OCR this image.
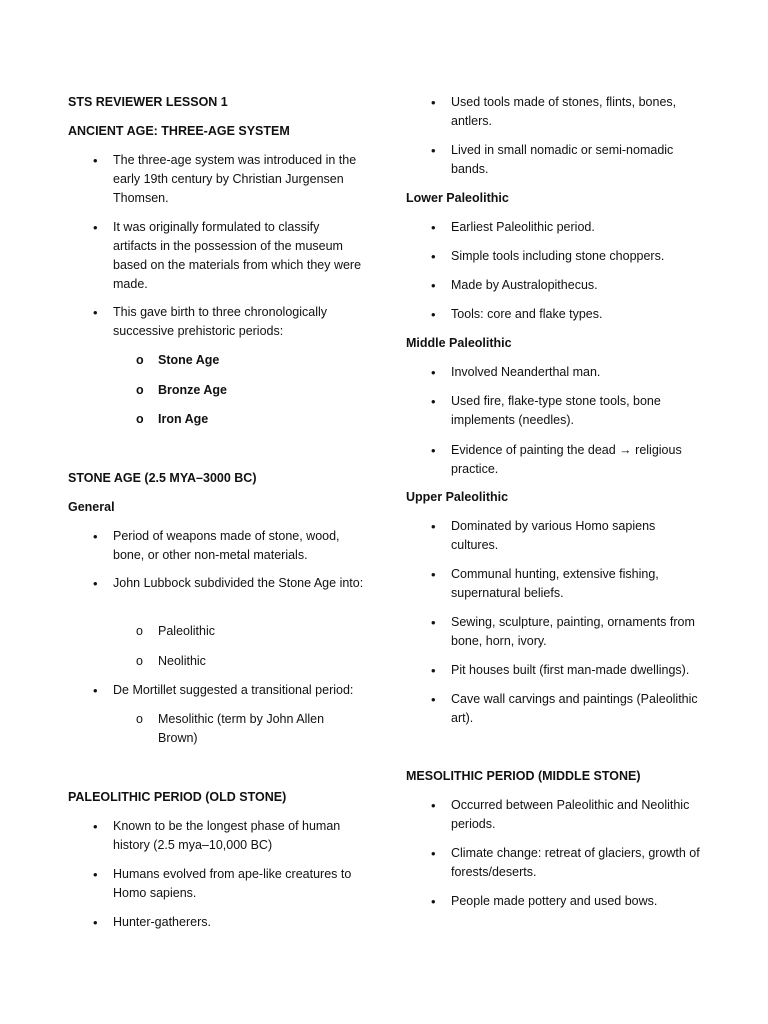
STS REVIEWER LESSON 1
ANCIENT AGE: THREE-AGE SYSTEM
• The three-age system was introduced in the early 19th century by Christian Jurgensen Thomsen.
• It was originally formulated to classify artifacts in the possession of the museum based on the materials from which they were made.
• This gave birth to three chronologically successive prehistoric periods:
o Stone Age
o Bronze Age
o Iron Age
STONE AGE (2.5 MYA–3000 BC)
General
• Period of weapons made of stone, wood, bone, or other non-metal materials.
• John Lubbock subdivided the Stone Age into:
o Paleolithic
o Neolithic
• De Mortillet suggested a transitional period:
o Mesolithic (term by John Allen Brown)
PALEOLITHIC PERIOD (OLD STONE)
• Known to be the longest phase of human history (2.5 mya–10,000 BC)
• Humans evolved from ape-like creatures to Homo sapiens.
• Hunter-gatherers.
• Used tools made of stones, flints, bones, antlers.
• Lived in small nomadic or semi-nomadic bands.
Lower Paleolithic
• Earliest Paleolithic period.
• Simple tools including stone choppers.
• Made by Australopithecus.
• Tools: core and flake types.
Middle Paleolithic
• Involved Neanderthal man.
• Used fire, flake-type stone tools, bone implements (needles).
• Evidence of painting the dead → religious practice.
Upper Paleolithic
• Dominated by various Homo sapiens cultures.
• Communal hunting, extensive fishing, supernatural beliefs.
• Sewing, sculpture, painting, ornaments from bone, horn, ivory.
• Pit houses built (first man-made dwellings).
• Cave wall carvings and paintings (Paleolithic art).
MESOLITHIC PERIOD (MIDDLE STONE)
• Occurred between Paleolithic and Neolithic periods.
• Climate change: retreat of glaciers, growth of forests/deserts.
• People made pottery and used bows.
